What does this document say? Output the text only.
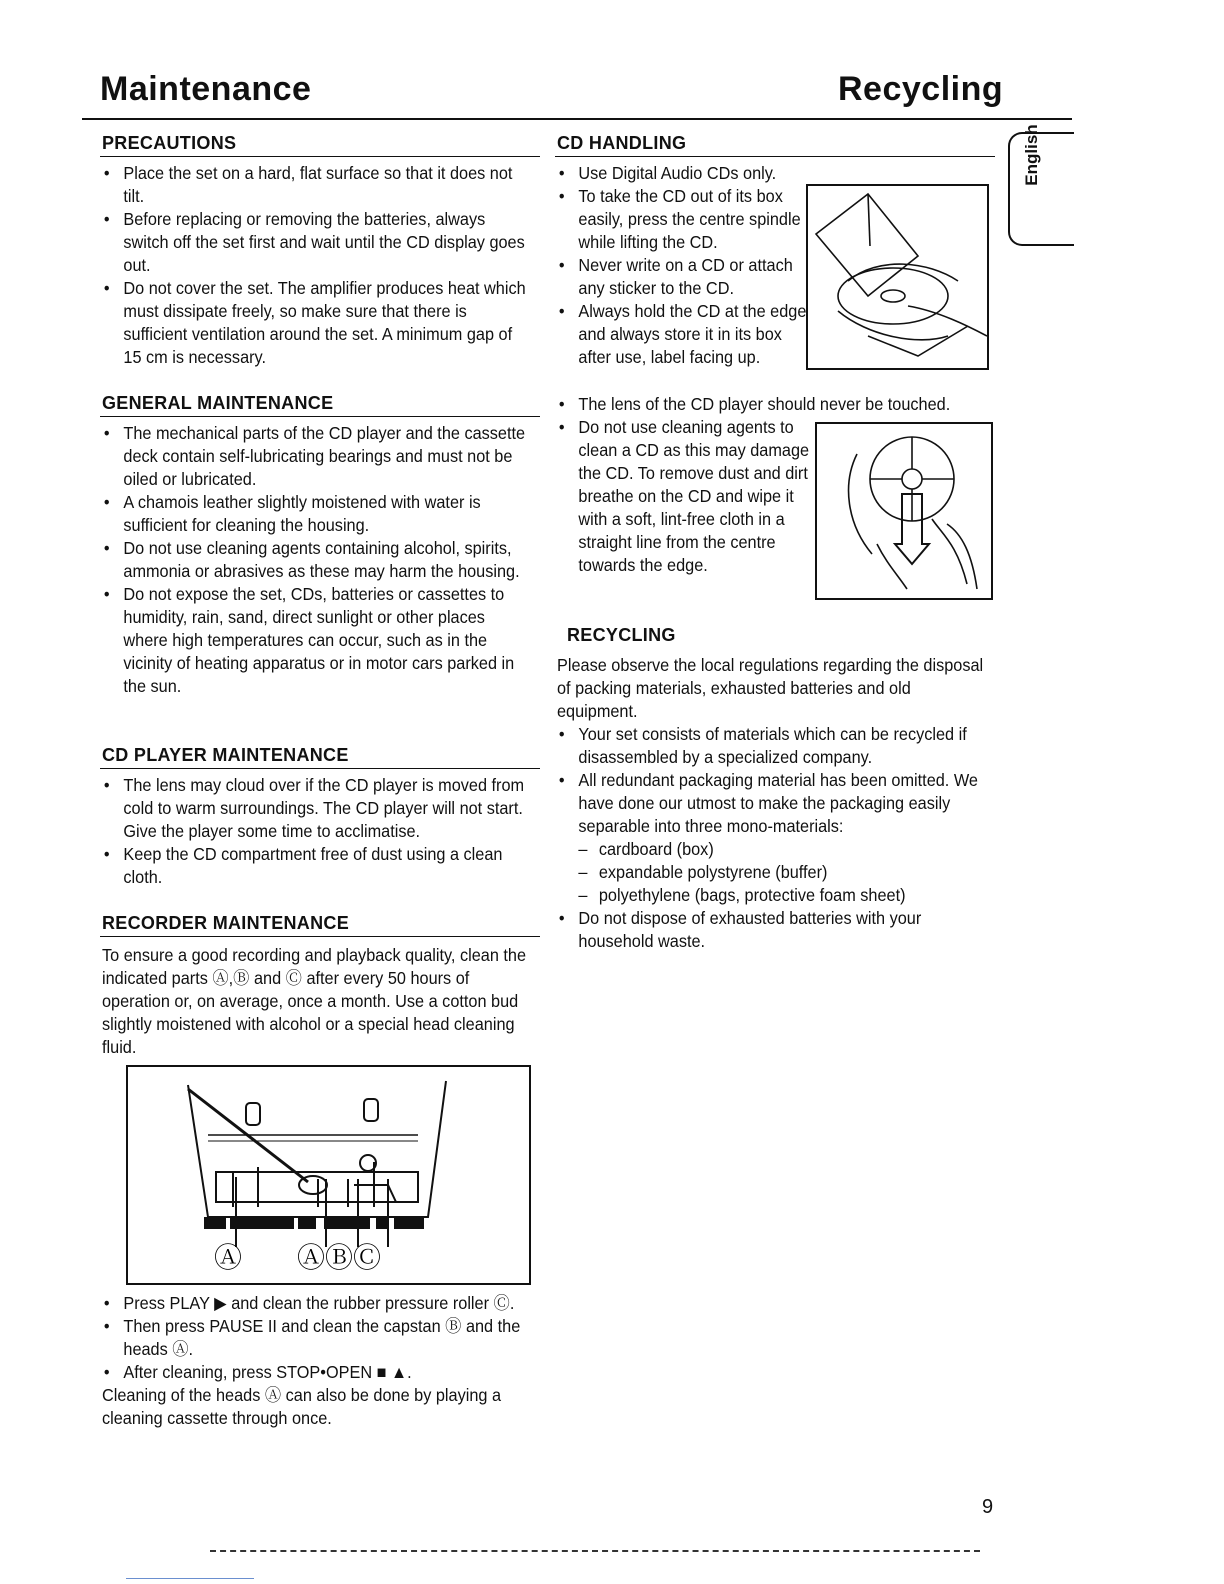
Maintenance	Recycling
English
PRECAUTIONS
• Place the set on a hard, flat surface so that it does not tilt.
• Before replacing or removing the batteries, always switch off the set first and wait until the CD display goes out.
• Do not cover the set. The amplifier produces heat which must dissipate freely, so make sure that there is sufficient ventilation around the set. A minimum gap of 15 cm is necessary.
GENERAL MAINTENANCE
• The mechanical parts of the CD player and the cassette deck contain self-lubricating bearings and must not be oiled or lubricated.
• A chamois leather slightly moistened with water is sufficient for cleaning the housing.
• Do not use cleaning agents containing alcohol, spirits, ammonia or abrasives as these may harm the housing.
• Do not expose the set, CDs, batteries or cassettes to humidity, rain, sand, direct sunlight or other places where high temperatures can occur, such as in the vicinity of heating apparatus or in motor cars parked in the sun.
CD PLAYER MAINTENANCE
• The lens may cloud over if the CD player is moved from cold to warm surroundings. The CD player will not start. Give the player some time to acclimatise.
• Keep the CD compartment free of dust using a clean cloth.
RECORDER MAINTENANCE

To ensure a good recording and playback quality, clean the indicated parts Ⓐ,Ⓑ and Ⓒ after every 50 hours of operation or, on average, once a month. Use a cotton bud slightly moistened with alcohol or a special head cleaning fluid.

Ⓐ ⒶⒷⒸ
• Press PLAY ▶ and clean the rubber pressure roller Ⓒ.
• Then press PAUSE II and clean the capstan Ⓑ and the heads Ⓐ.
• After cleaning, press STOP•OPEN ■ ▲.

Cleaning of the heads Ⓐ can also be done by playing a cleaning cassette through once.

CD HANDLING
• Use Digital Audio CDs only.
• To take the CD out of its box easily, press the centre spindle while lifting the CD.
• Never write on a CD or attach any sticker to the CD.
• Always hold the CD at the edge and always store it in its box after use, label facing up.
• The lens of the CD player should never be touched.
• Do not use cleaning agents to clean a CD as this may damage the CD. To remove dust and dirt breathe on the CD and wipe it with a soft, lint-free cloth in a straight line from the centre towards the edge.
RECYCLING

Please observe the local regulations regarding the disposal of packing materials, exhausted batteries and old equipment.

• Your set consists of materials which can be recycled if disassembled by a specialized company.
• All redundant packaging material has been omitted. We have done our utmost to make the packaging easily separable into three mono-materials:
– cardboard (box)
– expandable polystyrene (buffer)
– polyethylene (bags, protective foam sheet)
• Do not dispose of exhausted batteries with your household waste.
9
